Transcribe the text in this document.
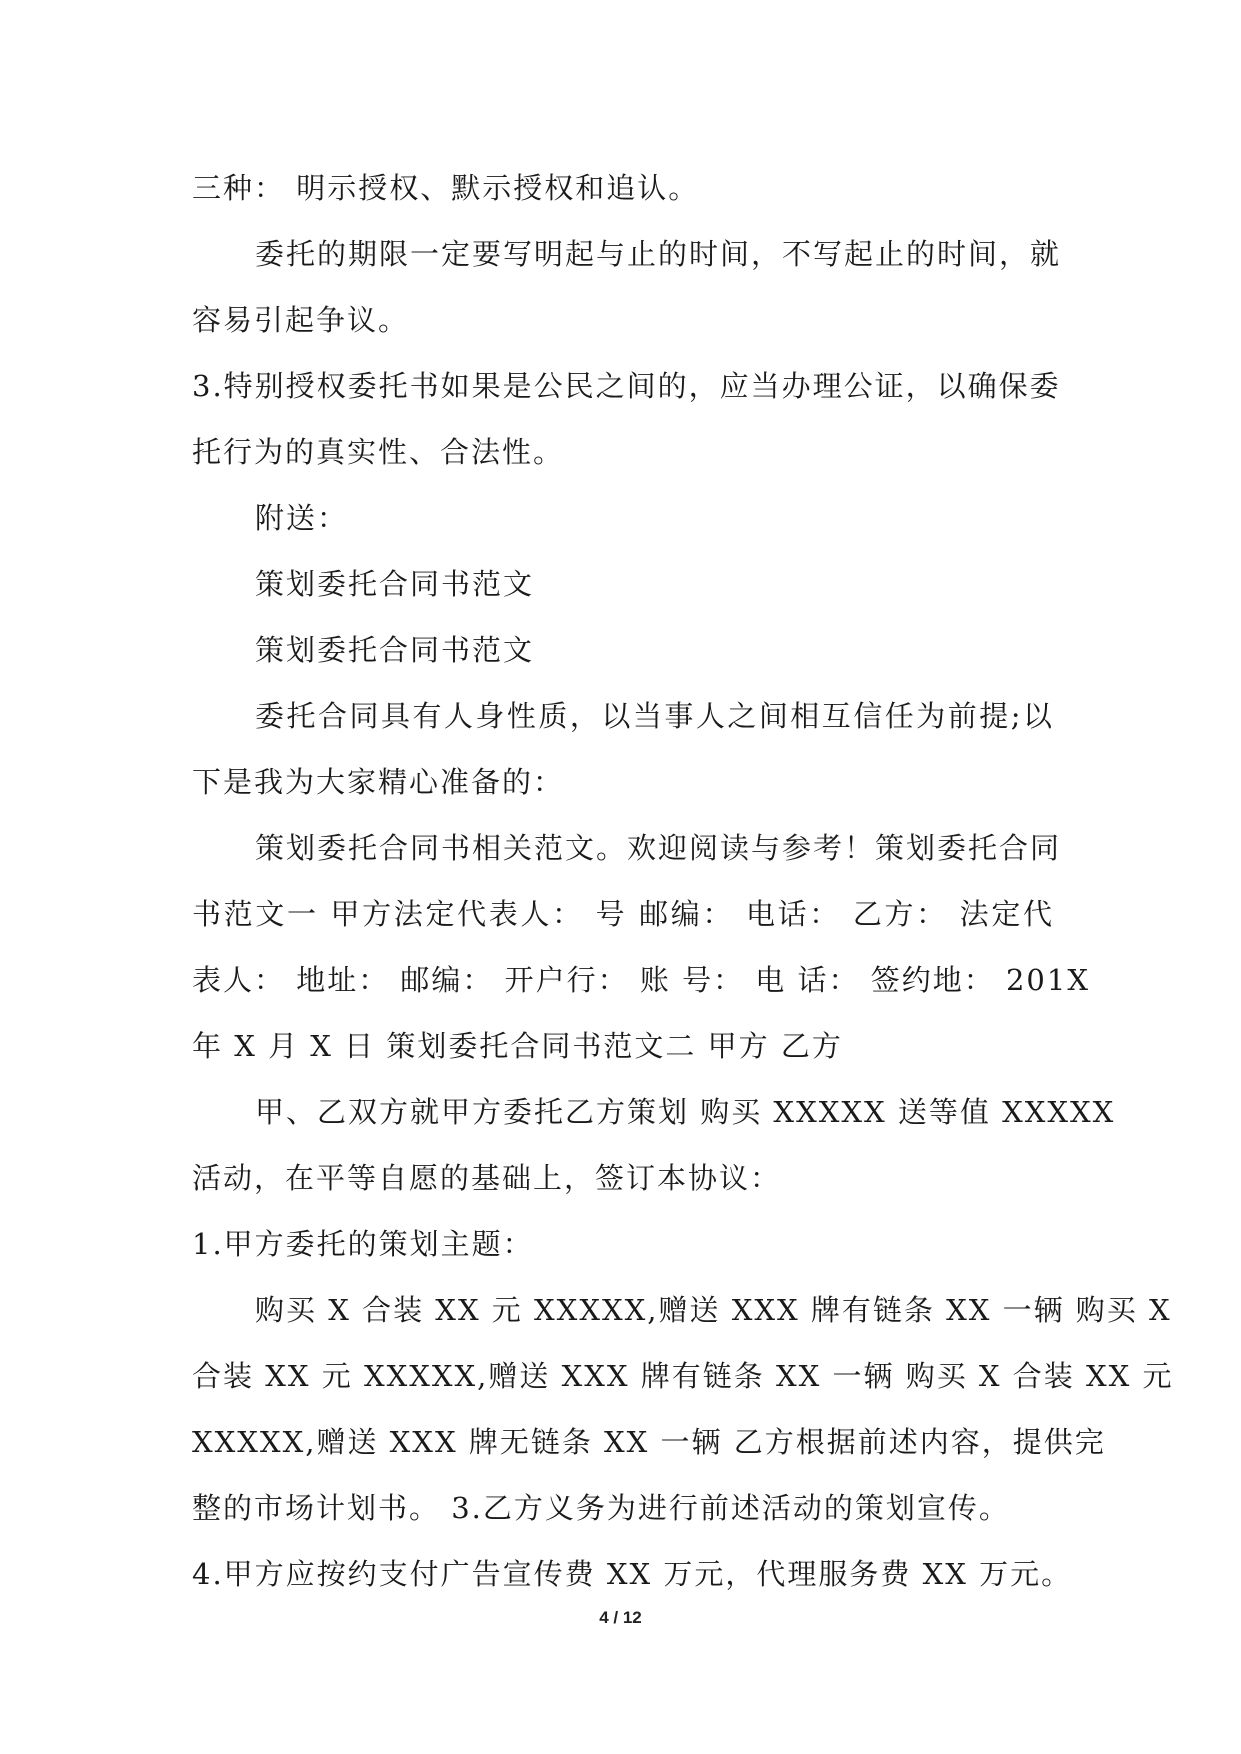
三种： 明示授权、默示授权和追认。
委托的期限一定要写明起与止的时间，不写起止的时间，就
容易引起争议。
3.特别授权委托书如果是公民之间的，应当办理公证，以确保委
托行为的真实性、合法性。
附送：
策划委托合同书范文
策划委托合同书范文
委托合同具有人身性质，以当事人之间相互信任为前提;以
下是我为大家精心准备的：
策划委托合同书相关范文。欢迎阅读与参考！策划委托合同
书范文一 甲方法定代表人： 号 邮编： 电话： 乙方： 法定代
表人： 地址： 邮编： 开户行： 账 号： 电 话： 签约地： 201X
年 X 月 X 日 策划委托合同书范文二 甲方 乙方
甲、乙双方就甲方委托乙方策划 购买 XXXXX 送等值 XXXXX
活动，在平等自愿的基础上，签订本协议：
1.甲方委托的策划主题：
购买 X 合装 XX 元 XXXXX,赠送 XXX 牌有链条 XX 一辆 购买 X
合装 XX 元 XXXXX,赠送 XXX 牌有链条 XX 一辆 购买 X 合装 XX 元
XXXXX,赠送 XXX 牌无链条 XX 一辆 乙方根据前述内容，提供完
整的市场计划书。 3.乙方义务为进行前述活动的策划宣传。
4.甲方应按约支付广告宣传费 XX 万元，代理服务费 XX 万元。
4 / 12
